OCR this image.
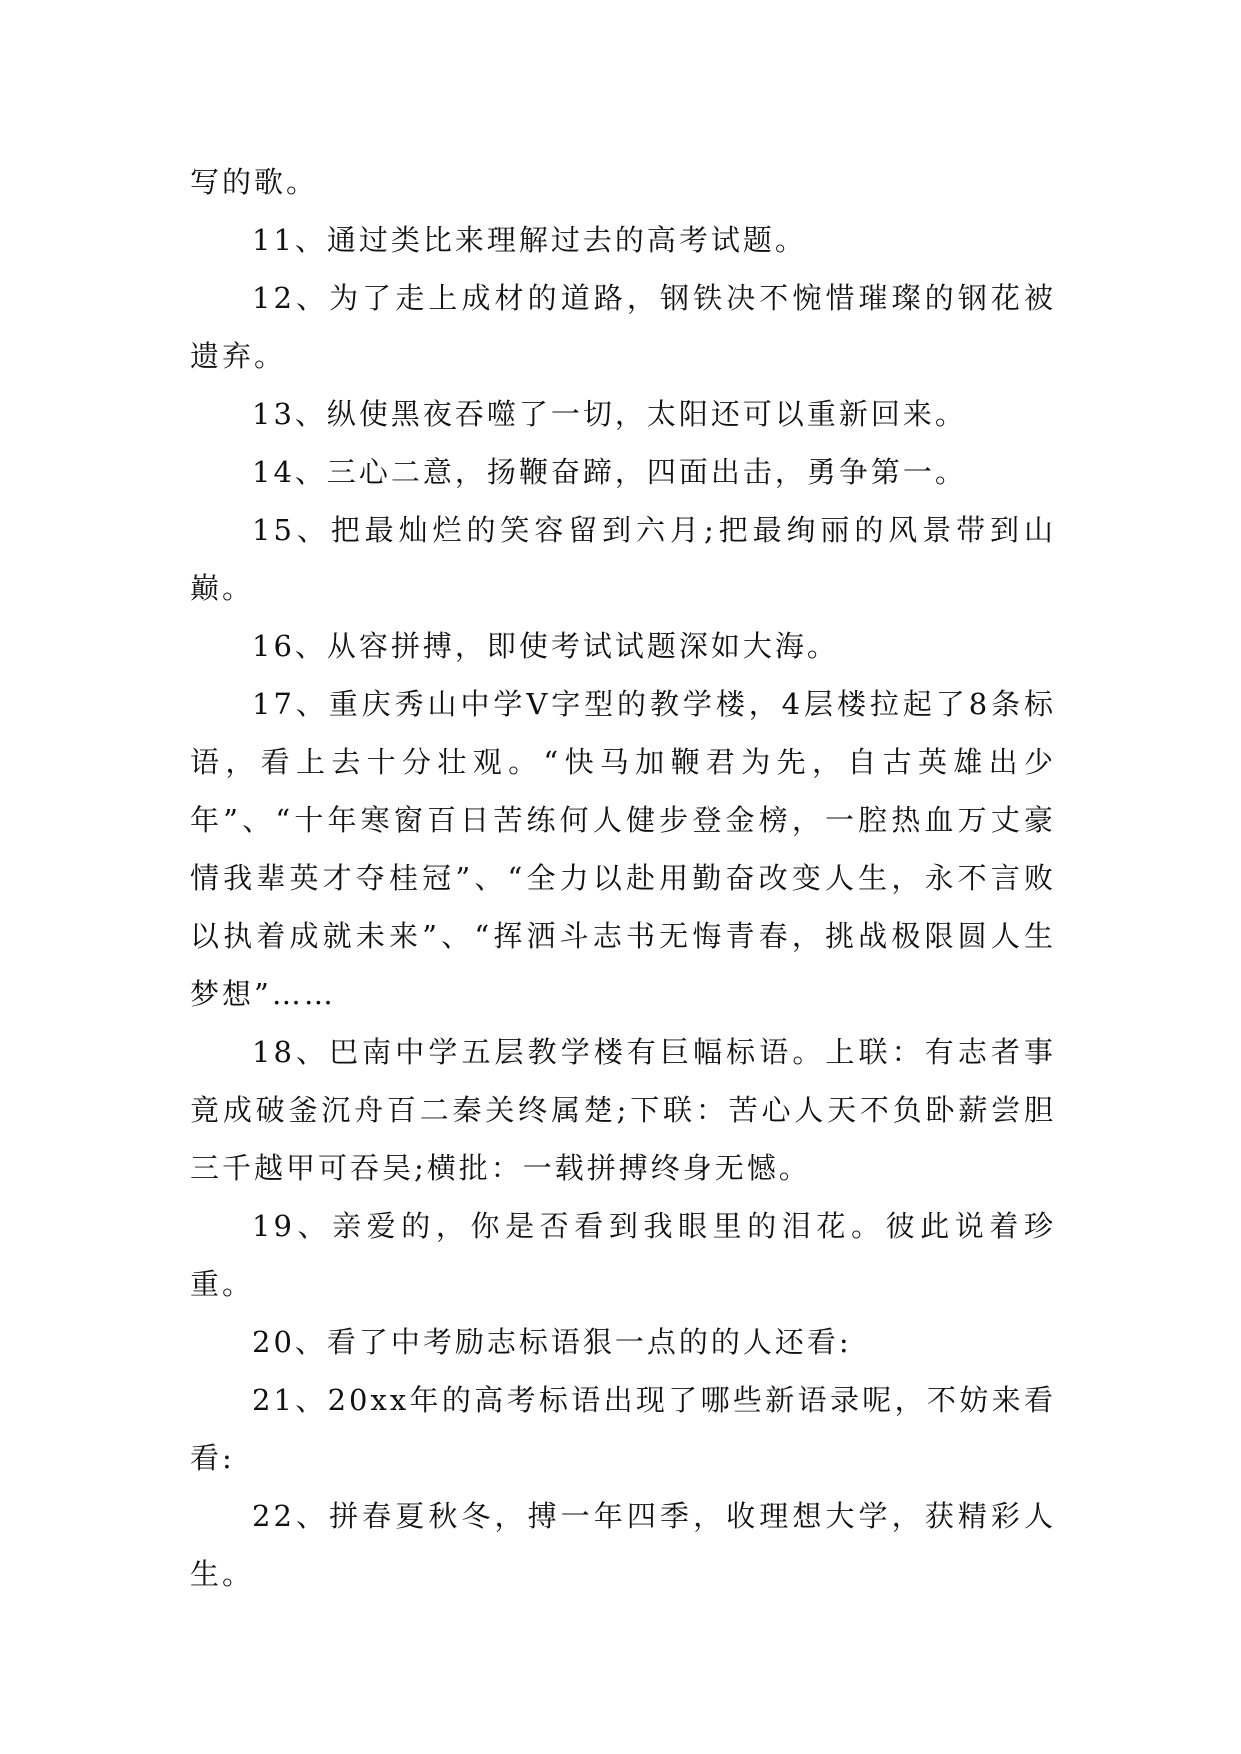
写的歌。

11、通过类比来理解过去的高考试题。

12、为了走上成材的道路，钢铁决不惋惜璀璨的钢花被遗弃。

13、纵使黑夜吞噬了一切，太阳还可以重新回来。

14、三心二意，扬鞭奋蹄，四面出击，勇争第一。

15、把最灿烂的笑容留到六月;把最绚丽的风景带到山巅。

16、从容拼搏，即使考试试题深如大海。

17、重庆秀山中学V字型的教学楼，4层楼拉起了8条标语，看上去十分壮观。“快马加鞭君为先，自古英雄出少年”、“十年寒窗百日苦练何人健步登金榜，一腔热血万丈豪情我辈英才夺桂冠”、“全力以赴用勤奋改变人生，永不言败以执着成就未来”、“挥洒斗志书无悔青春，挑战极限圆人生梦想”……

18、巴南中学五层教学楼有巨幅标语。上联：有志者事竟成破釜沉舟百二秦关终属楚;下联：苦心人天不负卧薪尝胆三千越甲可吞吴;横批：一载拼搏终身无憾。

19、亲爱的，你是否看到我眼里的泪花。彼此说着珍重。

20、看了中考励志标语狠一点的的人还看:

21、20xx年的高考标语出现了哪些新语录呢，不妨来看看:

22、拼春夏秋冬，搏一年四季，收理想大学，获精彩人生。
